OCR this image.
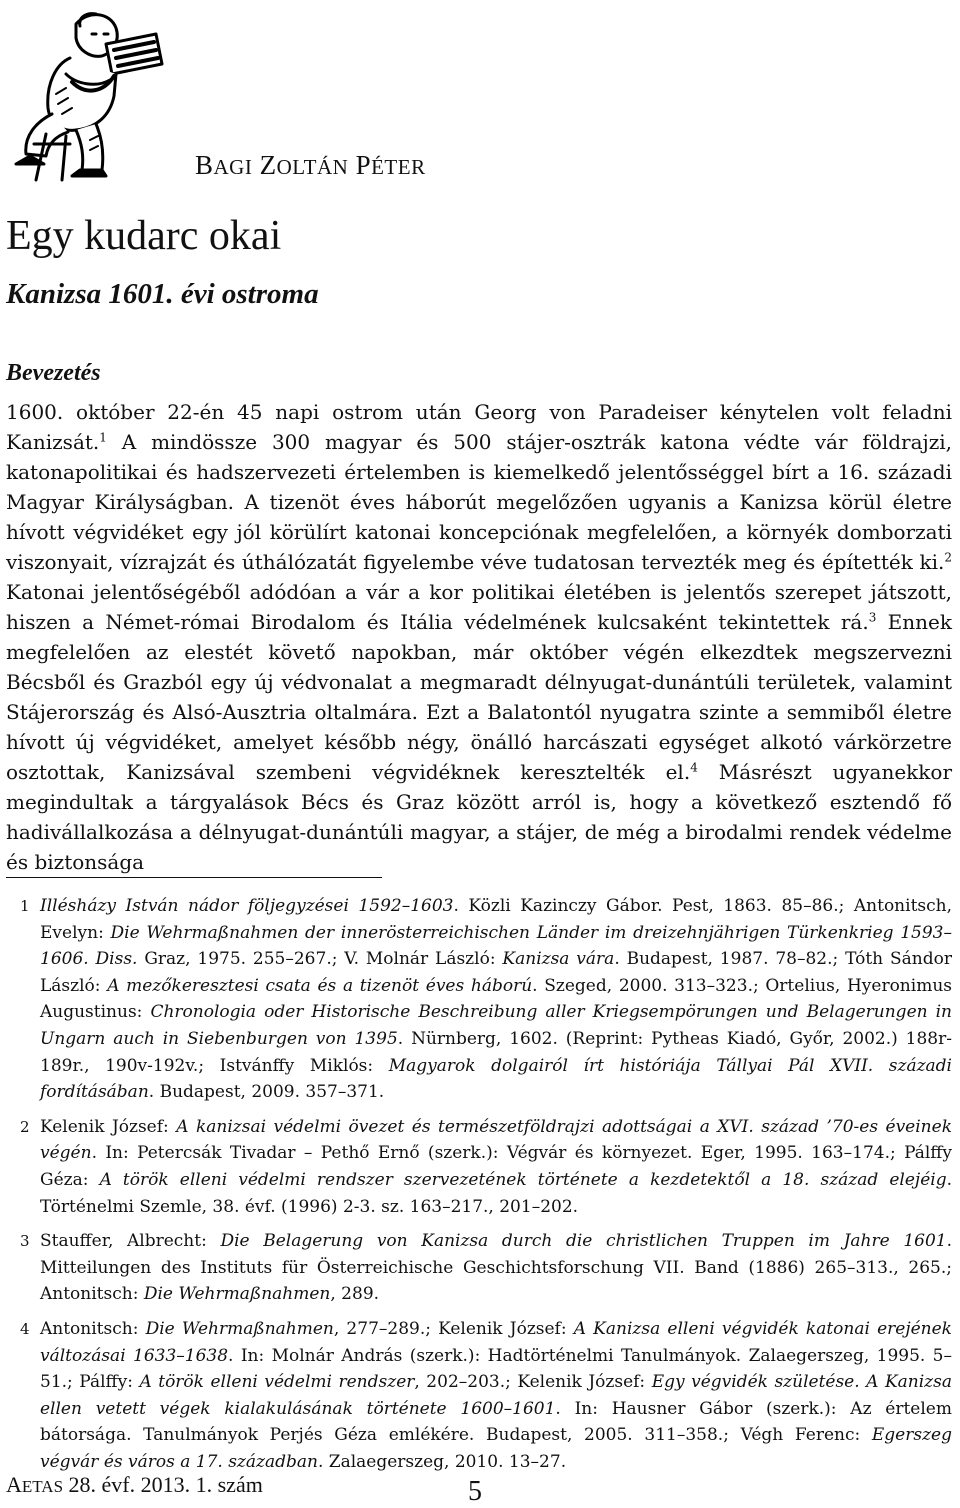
BAGI ZOLTÁN PÉTER
Egy kudarc okai
Kanizsa 1601. évi ostroma
Bevezetés

1600. október 22-én 45 napi ostrom után Georg von Paradeiser kénytelen volt feladni Kanizsát.$^1$ A mindössze 300 magyar és 500 stájer-osztrák katona védte vár földrajzi, katonapolitikai és hadszervezeti értelemben is kiemelkedő jelentősséggel bírt a 16. századi Magyar Királyságban. A tizenöt éves háborút megelőzően ugyanis a Kanizsa körül életre hívott végvidéket egy jól körülírt katonai koncepciónak megfelelően, a környék domborzati viszonyait, vízrajzát és úthálózatát figyelembe véve tudatosan tervezték meg és építették ki.$^2$ Katonai jelentőségéből adódóan a vár a kor politikai életében is jelentős szerepet játszott, hiszen a Német-római Birodalom és Itália védelmének kulcsaként tekintettek rá.$^3$ Ennek megfelelően az elestét követő napokban, már október végén elkezdtek megszervezni Bécsből és Grazból egy új védvonalat a megmaradt délnyugat-dunántúli területek, valamint Stájerország és Alsó-Ausztria oltalmára. Ezt a Balatontól nyugatra szinte a semmiből életre hívott új végvidéket, amelyet később négy, önálló harcászati egységet alkotó várkörzetre osztottak, Kanizsával szembeni végvidéknek keresztelték el.$^4$ Másrészt ugyanekkor megindultak a tárgyalások Bécs és Graz között arról is, hogy a következő esztendő fő hadivállalkozása a délnyugat-dunántúli magyar, a stájer, de még a birodalmi rendek védelme és biztonsága

1 Illésházy István nádor följegyzései 1592–1603. Közli Kazinczy Gábor. Pest, 1863. 85–86.; Antonitsch, Evelyn: Die Wehrmaßnahmen der innerösterreichischen Länder im dreizehnjährigen Türkenkrieg 1593–1606. Diss. Graz, 1975. 255–267.; V. Molnár László: Kanizsa vára. Budapest, 1987. 78–82.; Tóth Sándor László: A mezőkeresztesi csata és a tizenöt éves háború. Szeged, 2000. 313–323.; Ortelius, Hyeronimus Augustinus: Chronologia oder Historische Beschreibung aller Kriegsempörungen und Belagerungen in Ungarn auch in Siebenburgen von 1395. Nürnberg, 1602. (Reprint: Pytheas Kiadó, Győr, 2002.) 188r-189r., 190v-192v.; Istvánffy Miklós: Magyarok dolgairól írt históriája Tállyai Pál XVII. századi fordításában. Budapest, 2009. 357–371.
2 Kelenik József: A kanizsai védelmi övezet és természetföldrajzi adottságai a XVI. század ’70-es éveinek végén. In: Petercsák Tivadar – Pethő Ernő (szerk.): Végvár és környezet. Eger, 1995. 163–174.; Pálffy Géza: A török elleni védelmi rendszer szervezetének története a kezdetektől a 18. század elejéig. Történelmi Szemle, 38. évf. (1996) 2-3. sz. 163–217., 201–202.
3 Stauffer, Albrecht: Die Belagerung von Kanizsa durch die christlichen Truppen im Jahre 1601. Mitteilungen des Instituts für Österreichische Geschichtsforschung VII. Band (1886) 265–313., 265.; Antonitsch: Die Wehrmaßnahmen, 289.
4 Antonitsch: Die Wehrmaßnahmen, 277–289.; Kelenik József: A Kanizsa elleni végvidék katonai erejének változásai 1633–1638. In: Molnár András (szerk.): Hadtörténelmi Tanulmányok. Zalaegerszeg, 1995. 5–51.; Pálffy: A török elleni védelmi rendszer, 202–203.; Kelenik József: Egy végvidék születése. A Kanizsa ellen vetett végek kialakulásának története 1600–1601. In: Hausner Gábor (szerk.): Az értelem bátorsága. Tanulmányok Perjés Géza emlékére. Budapest, 2005. 311–358.; Végh Ferenc: Egerszeg végvár és város a 17. században. Zalaegerszeg, 2010. 13–27.
AETAS 28. évf. 2013. 1. szám	5
